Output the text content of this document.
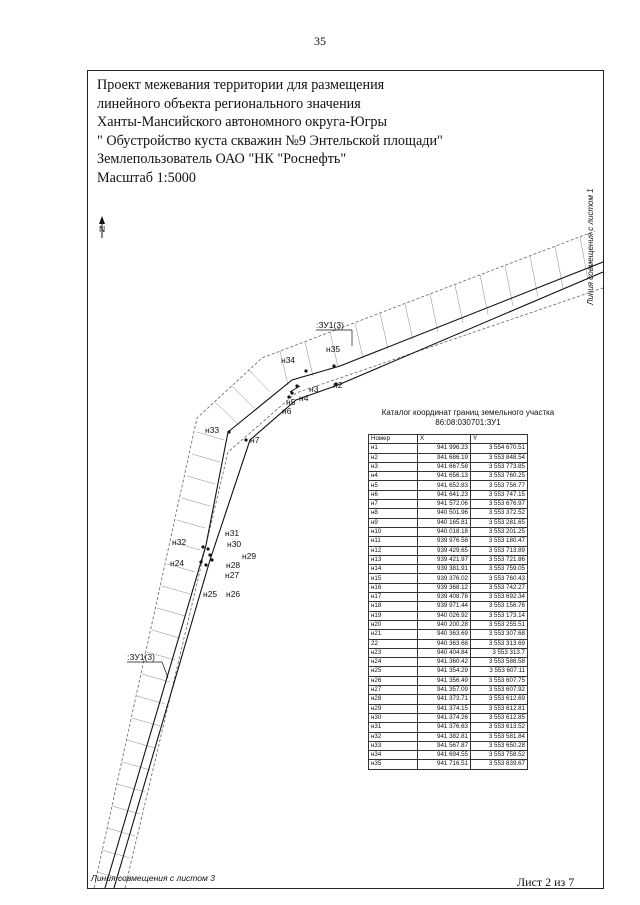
35
Проект межевания территории для размещения
линейного объекта регионального значения
Ханты-Мансийского автономного округа-Югры
" Обустройство куста скважин №9 Энтельской площади"
Землепользователь ОАО "НК "Роснефть"
Масштаб 1:5000
N
:ЗУ1(3)
:ЗУ1(3)
н35
н34
н2
н3
н4
н5
н6
н33
н7
н31
н30
н32
н29
н28
н24
н27
н25 н26
Каталог координат границ земельного участка
86:08:030701:ЗУ1
Номер	X	Y
н1	941 996.23	3 554 670.51
н2	941 686.19	3 553 848.54
н3	941 667.58	3 553 773.85
н4	941 656.13	3 553 760.25
н5	941 652.83	3 553 756.77
н6	941 641.23	3 553 747.15
н7	941 572.06	3 553 676.97
н8	940 501.96	3 553 372.52
н9	940 165.81	3 553 281.65
н10	940 018.18	3 553 201.25
н11	939 976.58	3 553 180.47
н12	939 429.65	3 553 713.89
н13	939 421.97	3 553 721.86
н14	939 381.91	3 553 759.05
н15	939 376.02	3 553 760.43
н16	939 368.12	3 553 742.27
н17	939 408.78	3 553 692.34
н18	939 971.44	3 553 156.76
н19	940 026.92	3 553 173.14
н20	940 200.28	3 553 255.51
н21	940 363.69	3 553 307.68
22	940 363.68	3 553 313.69
н23	940 404.84	3 553 313.7
н24	941 360.42	3 553 586.58
н25	941 354.29	3 553 607.11
н26	941 356.49	3 553 607.75
н27	941 357.09	3 553 607.92
н28	941 373.71	3 553 612.69
н29	941 374.15	3 553 612.81
н30	941 374.26	3 553 612.85
н31	941 376.63	3 553 613.52
н32	941 382.81	3 553 581.84
н33	941 567.87	3 553 650.28
н34	941 694.55	3 553 758.52
н35	941 716.51	3 553 839.67
Линия совмещения с листом 3
Линия совмещения с листом 1
Лист 2 из 7
